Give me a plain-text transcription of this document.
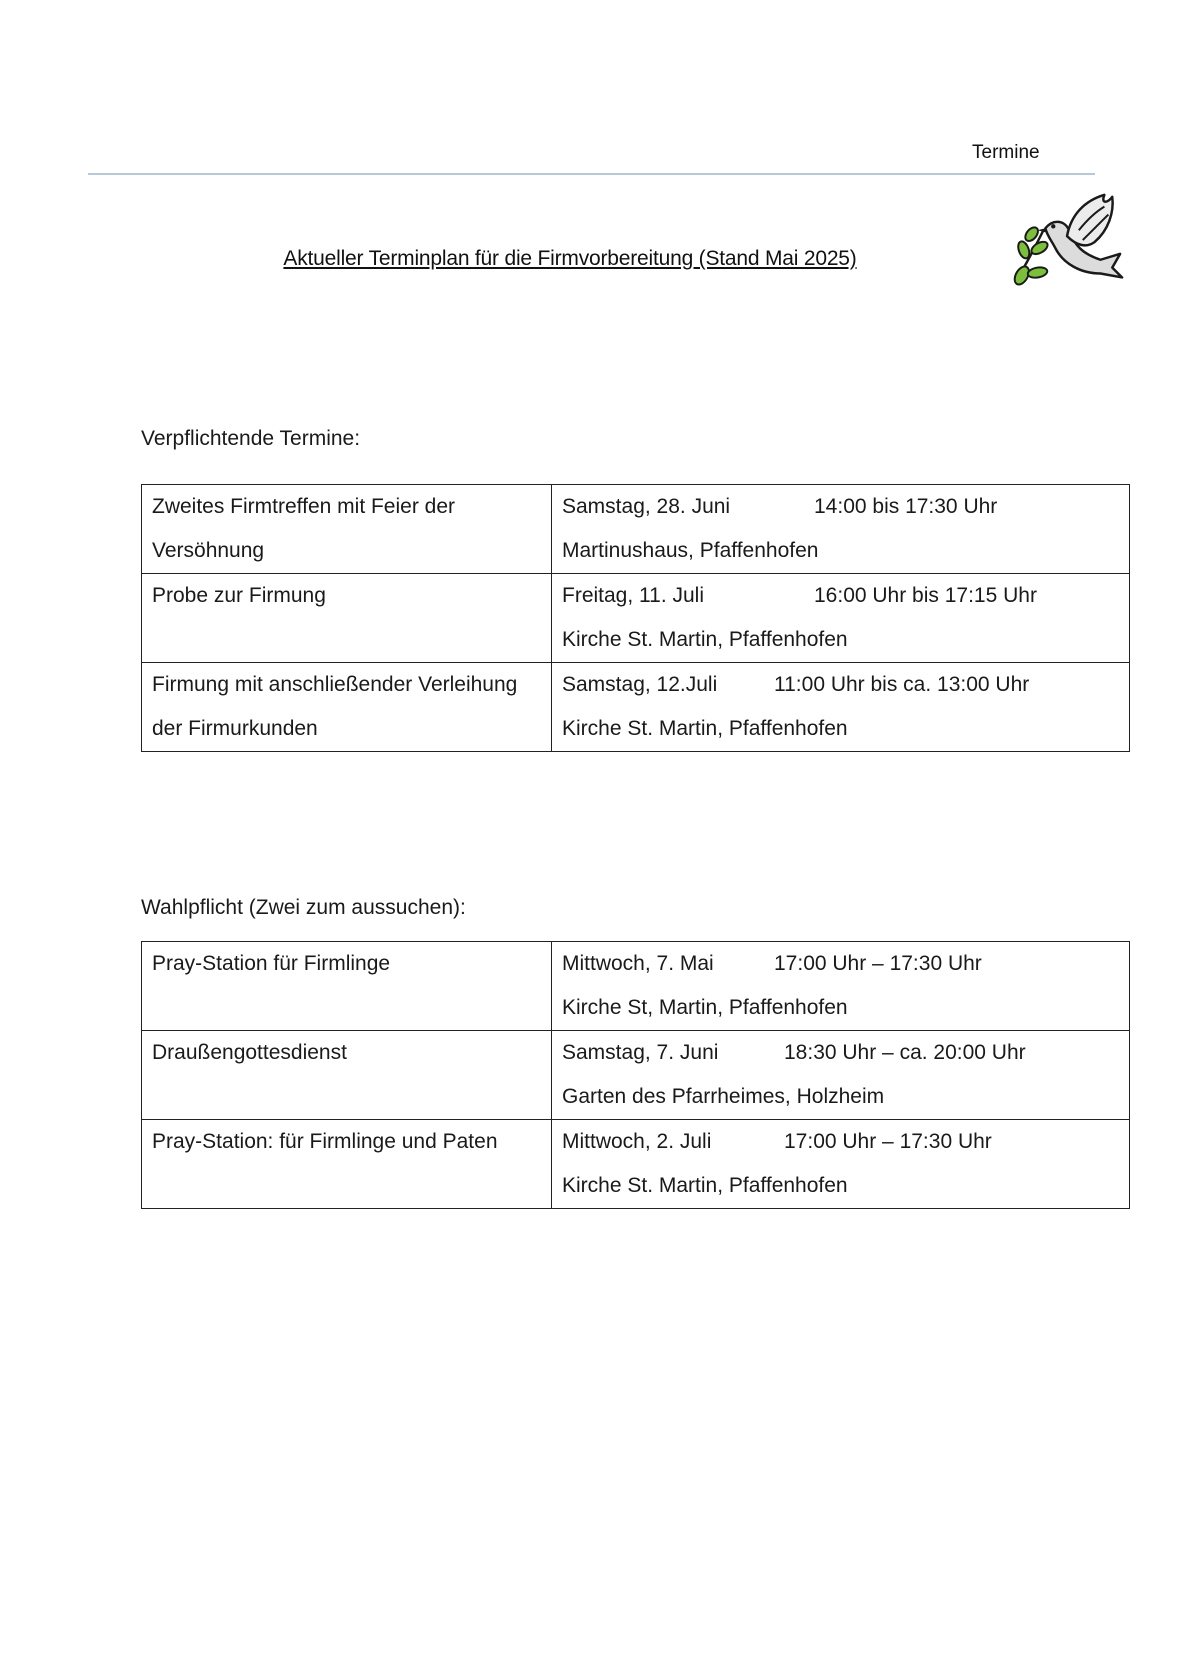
Termine
Aktueller Terminplan für die Firmvorbereitung (Stand Mai 2025)
Verpflichtende Termine:
Zweites Firmtreffen mit Feier der Versöhnung	Samstag, 28. Juni 14:00 bis 17:30 Uhr
Martinushaus, Pfaffenhofen

Probe zur Firmung	Freitag, 11. Juli 16:00 Uhr bis 17:15 Uhr
Kirche St. Martin, Pfaffenhofen

Firmung mit anschließender Verleihung der Firmurkunden	Samstag, 12.Juli 11:00 Uhr bis ca. 13:00 Uhr
Kirche St. Martin, Pfaffenhofen
Wahlpflicht (Zwei zum aussuchen):
Pray-Station für Firmlinge	Mittwoch, 7. Mai 17:00 Uhr – 17:30 Uhr
Kirche St, Martin, Pfaffenhofen

Draußengottesdienst	Samstag, 7. Juni 18:30 Uhr – ca. 20:00 Uhr
Garten des Pfarrheimes, Holzheim

Pray-Station: für Firmlinge und Paten	Mittwoch, 2. Juli 17:00 Uhr – 17:30 Uhr
Kirche St. Martin, Pfaffenhofen
